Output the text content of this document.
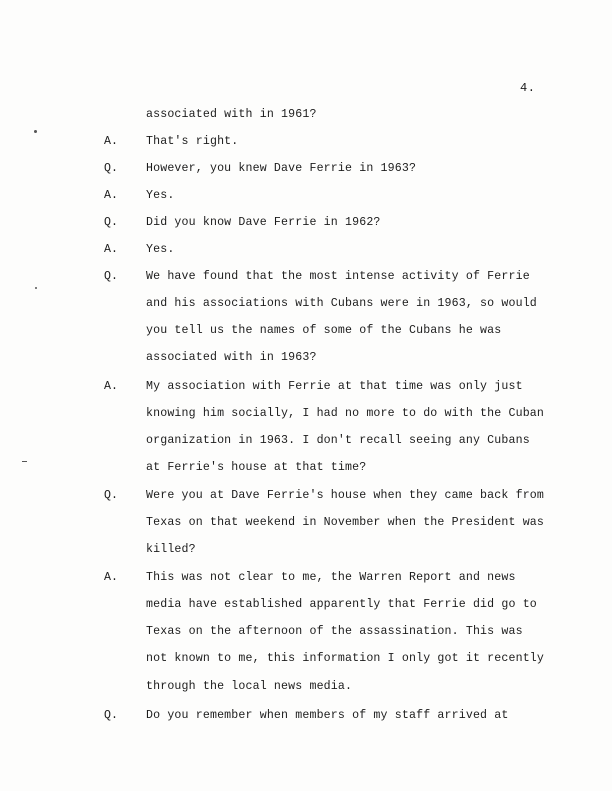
4.
associated with in 1961?
A. That's right.
Q. However, you knew Dave Ferrie in 1963?
A. Yes.
Q. Did you know Dave Ferrie in 1962?
A. Yes.
Q. We have found that the most intense activity of Ferrie
and his associations with Cubans were in 1963, so would
you tell us the names of some of the Cubans he was
associated with in 1963?
A. My association with Ferrie at that time was only just
knowing him socially, I had no more to do with the Cuban
organization in 1963. I don't recall seeing any Cubans
at Ferrie's house at that time?
Q. Were you at Dave Ferrie's house when they came back from
Texas on that weekend in November when the President was
killed?
A. This was not clear to me, the Warren Report and news
media have established apparently that Ferrie did go to
Texas on the afternoon of the assassination. This was
not known to me, this information I only got it recently
through the local news media.
Q. Do you remember when members of my staff arrived at
